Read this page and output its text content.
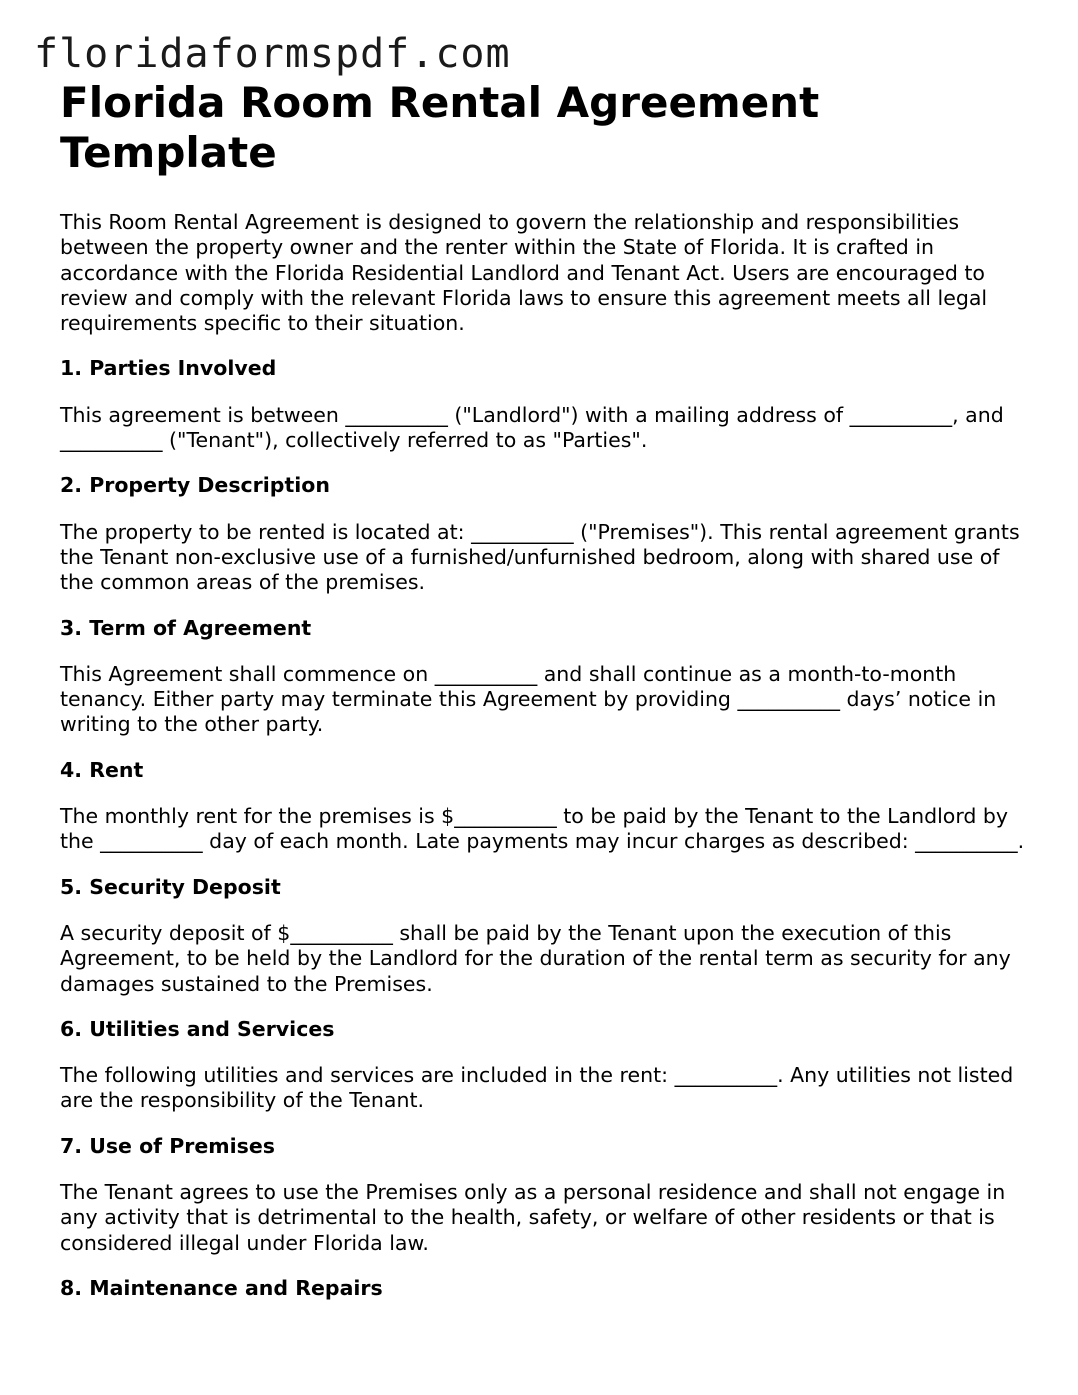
floridaformspdf.com
Florida Room Rental Agreement Template

This Room Rental Agreement is designed to govern the relationship and responsibilities between the property owner and the renter within the State of Florida. It is crafted in accordance with the Florida Residential Landlord and Tenant Act. Users are encouraged to review and comply with the relevant Florida laws to ensure this agreement meets all legal requirements specific to their situation.

1. Parties Involved

This agreement is between __________ ("Landlord") with a mailing address of __________, and __________ ("Tenant"), collectively referred to as "Parties".

2. Property Description

The property to be rented is located at: __________ ("Premises"). This rental agreement grants the Tenant non-exclusive use of a furnished/unfurnished bedroom, along with shared use of the common areas of the premises.

3. Term of Agreement

This Agreement shall commence on __________ and shall continue as a month-to-month tenancy. Either party may terminate this Agreement by providing __________ days’ notice in writing to the other party.

4. Rent

The monthly rent for the premises is $__________ to be paid by the Tenant to the Landlord by the __________ day of each month. Late payments may incur charges as described: __________.

5. Security Deposit

A security deposit of $__________ shall be paid by the Tenant upon the execution of this Agreement, to be held by the Landlord for the duration of the rental term as security for any damages sustained to the Premises.

6. Utilities and Services

The following utilities and services are included in the rent: __________. Any utilities not listed are the responsibility of the Tenant.

7. Use of Premises

The Tenant agrees to use the Premises only as a personal residence and shall not engage in any activity that is detrimental to the health, safety, or welfare of other residents or that is considered illegal under Florida law.

8. Maintenance and Repairs
